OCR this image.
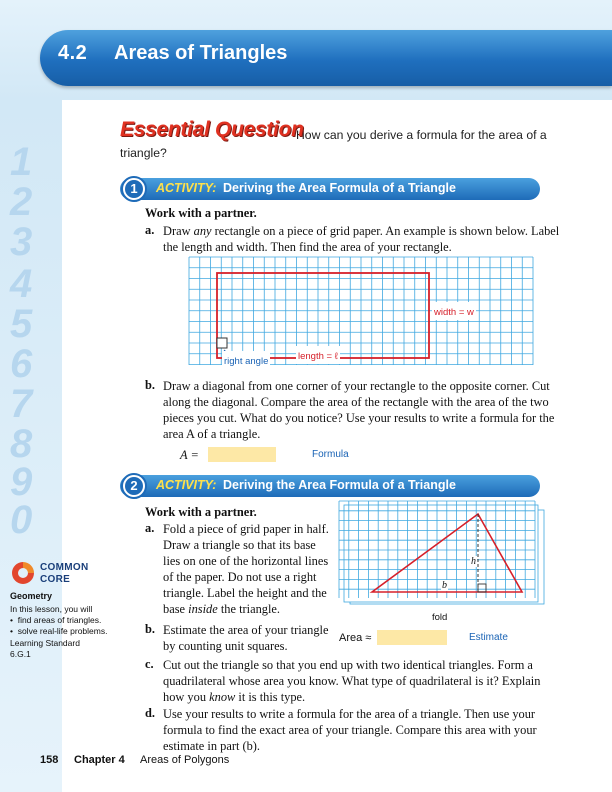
1
2
3
4
5
6
7
8
9
0
4.2 Areas of Triangles
How can you derive a formula for the area of a triangle?
Essential Question
1	ACTIVITY: Deriving the Area Formula of a Triangle
Work with a partner.
a. Draw any rectangle on a piece of grid paper. An example is shown below. Label the length and width. Then find the area of your rectangle.
width = w
length = ℓ
right angle
b. Draw a diagonal from one corner of your rectangle to the opposite corner. Cut along the diagonal. Compare the area of the rectangle with the area of the two pieces you cut. What do you notice? Use your results to write a formula for the area A of a triangle.
A =	Formula
2	ACTIVITY: Deriving the Area Formula of a Triangle
Work with a partner.
a. Fold a piece of grid paper in half. Draw a triangle so that its base lies on one of the horizontal lines of the paper. Do not use a right triangle. Label the height and the base inside the triangle.
h
b
fold
b. Estimate the area of your triangle by counting unit squares.
Area ≈	Estimate
c. Cut out the triangle so that you end up with two identical triangles. Form a quadrilateral whose area you know. What type of quadrilateral is it? Explain how you know it is this type.
d. Use your results to write a formula for the area of a triangle. Then use your formula to find the exact area of your triangle. Compare this area with your estimate in part (b).
COMMON
CORE
Geometry
In this lesson, you will
•  find areas of triangles.
•  solve real-life problems.
Learning Standard
6.G.1
158 Chapter 4 Areas of Polygons
